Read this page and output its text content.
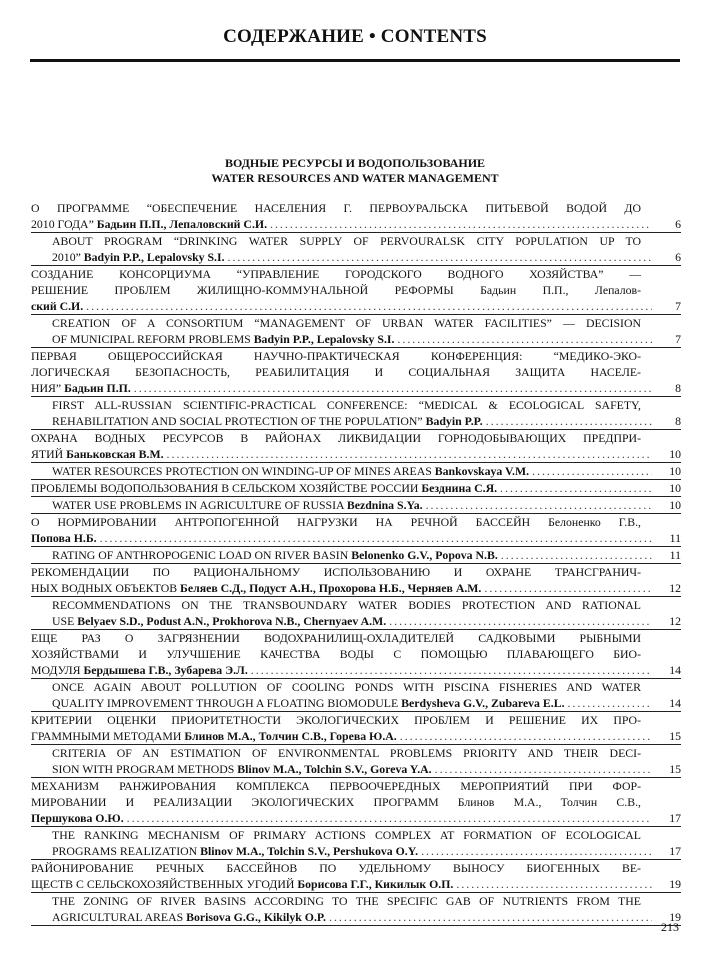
СОДЕРЖАНИЕ • CONTENTS
ВОДНЫЕ РЕСУРСЫ И ВОДОПОЛЬЗОВАНИЕ
WATER RESOURCES AND WATER MANAGEMENT
О ПРОГРАММЕ “ОБЕСПЕЧЕНИЕ НАСЕЛЕНИЯ Г. ПЕРВОУРАЛЬСКА ПИТЬЕВОЙ ВОДОЙ ДО
2010 ГОДА” Бадьин П.П., Лепаловский С.И. .....	6
ABOUT PROGRAM “DRINKING WATER SUPPLY OF PERVOURALSK CITY POPULATION UP TO
2010” Badyin P.P., Lepalovsky S.I. .....	6
СОЗДАНИЕ КОНСОРЦИУМА “УПРАВЛЕНИЕ ГОРОДСКОГО ВОДНОГО ХОЗЯЙСТВА” —
РЕШЕНИЕ ПРОБЛЕМ ЖИЛИЩНО-КОММУНАЛЬНОЙ РЕФОРМЫ Бадьин П.П., Лепалов-
ский С.И. .....	7
CREATION OF A CONSORTIUM “MANAGEMENT OF URBAN WATER FACILITIES” — DECISION
OF MUNICIPAL REFORM PROBLEMS Badyin P.P., Lepalovsky S.I. .....	7
ПЕРВАЯ ОБЩЕРОССИЙСКАЯ НАУЧНО-ПРАКТИЧЕСКАЯ КОНФЕРЕНЦИЯ: “МЕДИКО-ЭКО-
ЛОГИЧЕСКАЯ БЕЗОПАСНОСТЬ, РЕАБИЛИТАЦИЯ И СОЦИАЛЬНАЯ ЗАЩИТА НАСЕЛЕ-
НИЯ” Бадьин П.П. .....	8
FIRST ALL-RUSSIAN SCIENTIFIC-PRACTICAL CONFERENCE: “MEDICAL & ECOLOGICAL SAFETY,
REHABILITATION AND SOCIAL PROTECTION OF THE POPULATION” Badyin P.P. .....	8
ОХРАНА ВОДНЫХ РЕСУРСОВ В РАЙОНАХ ЛИКВИДАЦИИ ГОРНОДОБЫВАЮЩИХ ПРЕДПРИ-
ЯТИЙ Баньковская В.М. .....	10
WATER RESOURCES PROTECTION ON WINDING-UP OF MINES AREAS Bankovskaya V.M. .....	10
ПРОБЛЕМЫ ВОДОПОЛЬЗОВАНИЯ В СЕЛЬСКОМ ХОЗЯЙСТВЕ РОССИИ Безднина С.Я. .....	10
WATER USE PROBLEMS IN AGRICULTURE OF RUSSIA Bezdnina S.Ya. .....	10
О НОРМИРОВАНИИ АНТРОПОГЕННОЙ НАГРУЗКИ НА РЕЧНОЙ БАССЕЙН Белоненко Г.В.,
Попова Н.Б. .....	11
RATING OF ANTHROPOGENIC LOAD ON RIVER BASIN Belonenko G.V., Popova N.B. .....	11
РЕКОМЕНДАЦИИ ПО РАЦИОНАЛЬНОМУ ИСПОЛЬЗОВАНИЮ И ОХРАНЕ ТРАНСГРАНИЧ-
НЫХ ВОДНЫХ ОБЪЕКТОВ Беляев С.Д., Подуст А.Н., Прохорова Н.Б., Черняев А.М. .....	12
RECOMMENDATIONS ON THE TRANSBOUNDARY WATER BODIES PROTECTION AND RATIONAL
USE Belyaev S.D., Podust A.N., Prokhorova N.B., Chernyaev A.M. .....	12
ЕЩЕ РАЗ О ЗАГРЯЗНЕНИИ ВОДОХРАНИЛИЩ-ОХЛАДИТЕЛЕЙ САДКОВЫМИ РЫБНЫМИ
ХОЗЯЙСТВАМИ И УЛУЧШЕНИЕ КАЧЕСТВА ВОДЫ С ПОМОЩЬЮ ПЛАВАЮЩЕГО БИО-
МОДУЛЯ Бердышева Г.В., Зубарева Э.Л. .....	14
ONCE AGAIN ABOUT POLLUTION OF COOLING PONDS WITH PISCINA FISHERIES AND WATER
QUALITY IMPROVEMENT THROUGH A FLOATING BIOMODULE Berdysheva G.V., Zubareva E.L. .....	14
КРИТЕРИИ ОЦЕНКИ ПРИОРИТЕТНОСТИ ЭКОЛОГИЧЕСКИХ ПРОБЛЕМ И РЕШЕНИЕ ИХ ПРО-
ГРАММНЫМИ МЕТОДАМИ Блинов М.А., Толчин С.В., Горева Ю.А. .....	15
CRITERIA OF AN ESTIMATION OF ENVIRONMENTAL PROBLEMS PRIORITY AND THEIR DECI-
SION WITH PROGRAM METHODS Blinov M.A., Tolchin S.V., Goreva Y.A. .....	15
МЕХАНИЗМ РАНЖИРОВАНИЯ КОМПЛЕКСА ПЕРВООЧЕРЕДНЫХ МЕРОПРИЯТИЙ ПРИ ФОР-
МИРОВАНИИ И РЕАЛИЗАЦИИ ЭКОЛОГИЧЕСКИХ ПРОГРАММ Блинов М.А., Толчин С.В.,
Першукова О.Ю. .....	17
THE RANKING MECHANISM OF PRIMARY ACTIONS COMPLEX AT FORMATION OF ECOLOGICAL
PROGRAMS REALIZATION Blinov M.A., Tolchin S.V., Pershukova O.Y. .....	17
РАЙОНИРОВАНИЕ РЕЧНЫХ БАССЕЙНОВ ПО УДЕЛЬНОМУ ВЫНОСУ БИОГЕННЫХ ВЕ-
ЩЕСТВ С СЕЛЬСКОХОЗЯЙСТВЕННЫХ УГОДИЙ Борисова Г.Г., Кикилык О.П. .....	19
THE ZONING OF RIVER BASINS ACCORDING TO THE SPECIFIC GAB OF NUTRIENTS FROM THE
AGRICULTURAL AREAS Borisova G.G., Kikilyk O.P. .....	19
213
